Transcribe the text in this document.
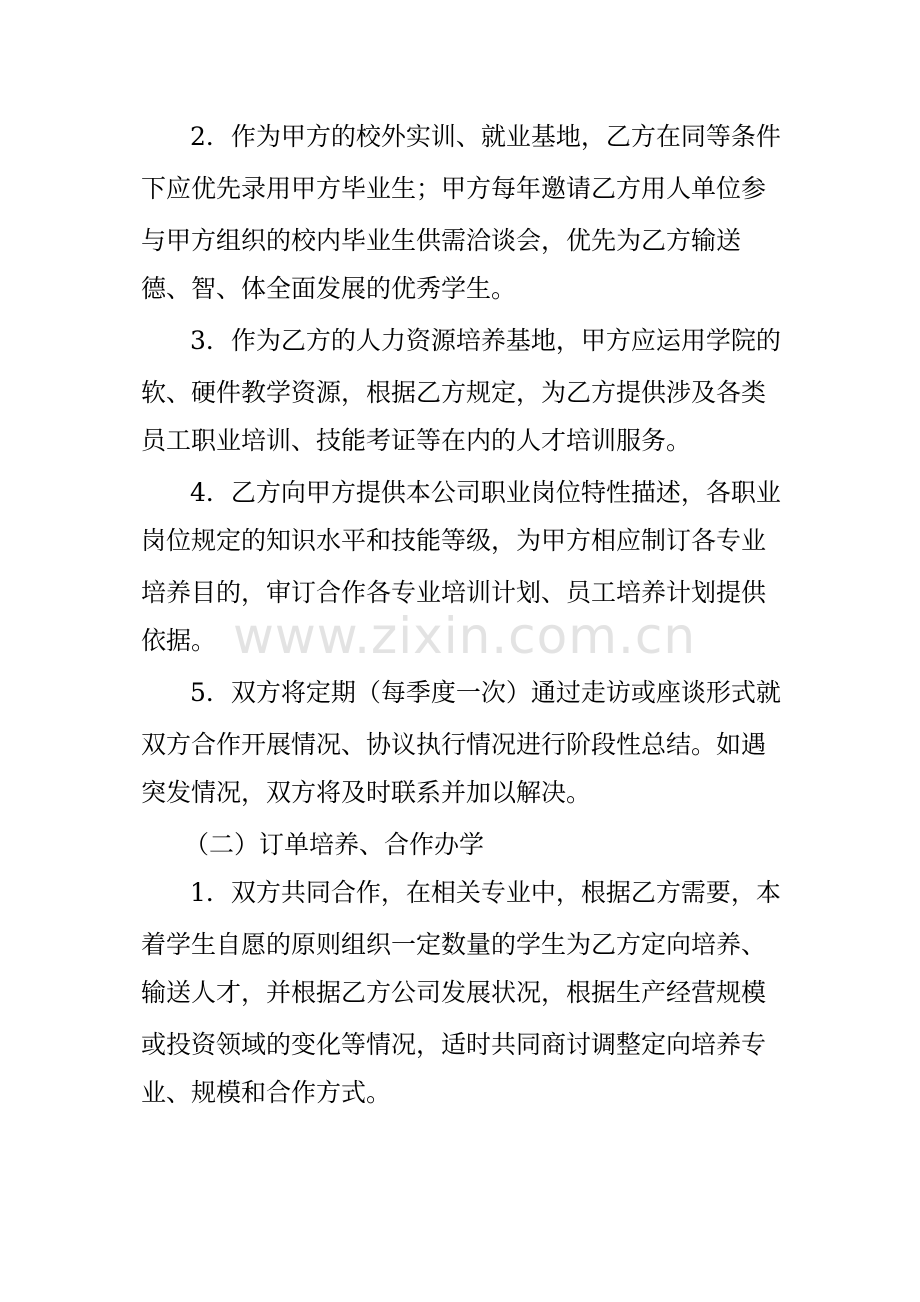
www.zixin.com.cn
2．作为甲方的校外实训、就业基地，乙方在同等条件
下应优先录用甲方毕业生；甲方每年邀请乙方用人单位参
与甲方组织的校内毕业生供需洽谈会，优先为乙方输送
德、智、体全面发展的优秀学生。
3．作为乙方的人力资源培养基地，甲方应运用学院的
软、硬件教学资源，根据乙方规定，为乙方提供涉及各类
员工职业培训、技能考证等在内的人才培训服务。
4．乙方向甲方提供本公司职业岗位特性描述，各职业
岗位规定的知识水平和技能等级，为甲方相应制订各专业
培养目的，审订合作各专业培训计划、员工培养计划提供
依据。
5．双方将定期（每季度一次）通过走访或座谈形式就
双方合作开展情况、协议执行情况进行阶段性总结。如遇
突发情况，双方将及时联系并加以解决。
（二）订单培养、合作办学
1．双方共同合作，在相关专业中，根据乙方需要，本
着学生自愿的原则组织一定数量的学生为乙方定向培养、
输送人才，并根据乙方公司发展状况，根据生产经营规模
或投资领域的变化等情况，适时共同商讨调整定向培养专
业、规模和合作方式。
